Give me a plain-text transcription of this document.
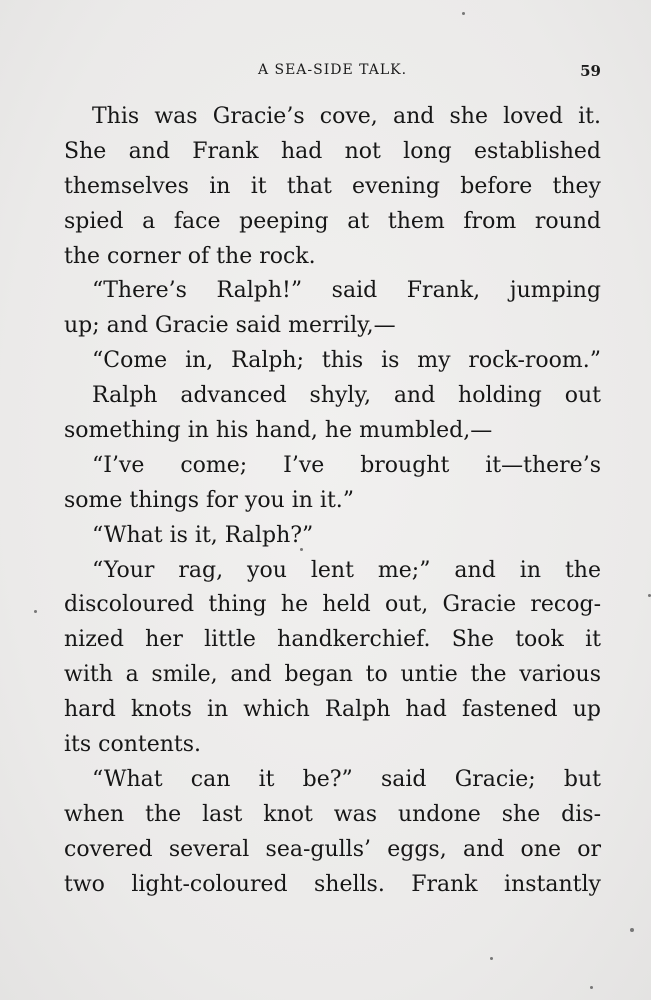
A SEA-SIDE TALK.	59
This was Gracie’s cove, and she loved it.
She and Frank had not long established
themselves in it that evening before they
spied a face peeping at them from round
the corner of the rock.
“There’s Ralph!” said Frank, jumping
up; and Gracie said merrily,—
“Come in, Ralph; this is my rock-room.”
Ralph advanced shyly, and holding out
something in his hand, he mumbled,—
“I’ve come; I’ve brought it—there’s
some things for you in it.”
“What is it, Ralph?”
“Your rag, you lent me;” and in the
discoloured thing he held out, Gracie recog-
nized her little handkerchief. She took it
with a smile, and began to untie the various
hard knots in which Ralph had fastened up
its contents.
“What can it be?” said Gracie; but
when the last knot was undone she dis-
covered several sea-gulls’ eggs, and one or
two light-coloured shells. Frank instantly
